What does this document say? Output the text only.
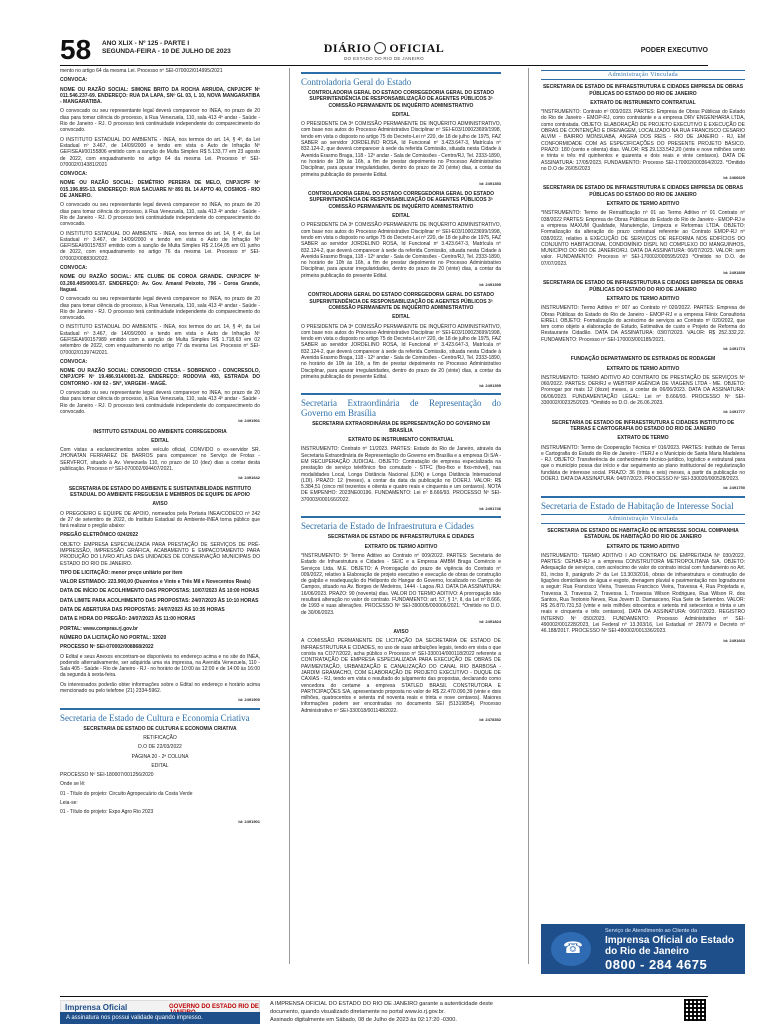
58 ANO XLIX - Nº 125 - PARTE I
SEGUNDA-FEIRA - 10 DE JULHO DE 2023	DIÁRIO OFICIAL
DO ESTADO DO RIO DE JANEIRO
PODER EXECUTIVO

mento no artigo 64 da mesma Lei. Processo nº SEI-070002/014995/2021

CONVOCA:

NOME OU RAZÃO SOCIAL: SIMONE BRITO DA ROCHA ARRUDA, CNPJ/CPF Nº 011.546.237-69. ENDEREÇO: RUA DA LAPA, SNº GL 03, L 10, NOVA MANGARATIBA - MANGARATIBA.

O convocado ou seu representante legal deverá comparecer no INEA, no prazo de 20 dias para tomar ciência do processo, à Rua Venezuela, 110, sala 413 4º andar - Saúde - Rio de Janeiro - RJ. O processo terá continuidade independente do comparecimento do convocado.

O INSTITUTO ESTADUAL DO AMBIENTE - INEA, nos termos do art. 14, § 4º, da Lei Estadual nº 3.467, de 14/09/2000 e tendo em vista o Auto de Infração Nº GEFISEAI/00155806 emitido com a sanção de Multa Simples R$ 5.133,77 em 23 agosto de 2022, com enquadramento no artigo 64 da mesma Lei. Processo nº SEI-070002/014381/2021

CONVOCA:

NOME OU RAZÃO SOCIAL: DEMÉTRIO PEREIRA DE MELO, CNPJ/CPF Nº 015.196.855-13. ENDEREÇO: RUA SACUARE Nº 891 BL 14 APTO 40, COSMOS - RIO DE JANEIRO.

O convocado ou seu representante legal deverá comparecer no INEA, no prazo de 20 dias para tomar ciência do processo, à Rua Venezuela, 110, sala 413 4º andar - Saúde - Rio de Janeiro - RJ. O processo terá continuidade independente do comparecimento do convocado.

O INSTITUTO ESTADUAL DO AMBIENTE - INEA, nos termos do art. 14, § 4º, da Lei Estadual nº 3.467, de 14/09/2000 e tendo em vista o Auto de Infração Nº GEFISEAI/00157837 emitido com a sanção de Multa Simples R$ 2.164,05 em 01 junho de 2022, com enquadramento no artigo 76 da mesma Lei. Processo nº SEI-070002/008830/2022.

CONVOCA:

NOME OU RAZÃO SOCIAL: ATE CLUBE DE COROA GRANDE. CNPJ/CPF Nº 03.260.405/0001-57. ENDEREÇO: Av. Gov. Amaral Peixoto, 796 - Coroa Grande, Itaguaí.

O convocado ou seu representante legal deverá comparecer no INEA, no prazo de 20 dias para tomar ciência do processo, à Rua Venezuela, 110, sala 413 4º andar - Saúde - Rio de Janeiro - RJ. O processo terá continuidade independente do comparecimento do convocado.

O INSTITUTO ESTADUAL DO AMBIENTE - INEA, nos termos do art. 14, § 4º, da Lei Estadual nº 3.467, de 14/09/2000 e tendo em vista o Auto de Infração Nº GEFISEAI/00157989 emitido com a sanção de Multa Simples R$ 1.718,63 em 02 setembro de 2022, com enquadramento no artigo 77 da mesma Lei. Processo nº SEI-070002/013974/2021.

CONVOCA:

NOME OU RAZÃO SOCIAL: CONSORCIO CTESA - SOBRENCO - CONCRESOLO, CNPJ/CPF Nº 19.486.914/0001-32. ENDEREÇO: RODOVIA 493, ESTRADA DO CONTORNO - KM 02 - SN°, VARGEM - MAGÉ.

O convocado ou seu representante legal deverá comparecer no INEA, no prazo de 20 dias para tomar ciência do processo, à Rua Venezuela, 110, sala 413 4º andar - Saúde - Rio de Janeiro - RJ. O processo terá continuidade independente do comparecimento do convocado.

Id: 2491901

INSTITUTO ESTADUAL DO AMBIENTE CORREGEDORIA

EDITAL

Com vistas a esclarecimentos sobre veículo oficial, CONVIDO o ex-servidor SR. JHONATAN FERRAREZ DE BARROS para comparecer no Serviço de Frotas - SERVFROT, situado à Av. Venezuela 110, no prazo de 10 (dez) dias a contar desta publicação. Processo nº SEI-070002/004407/2021.

Id: 2491642

SECRETARIA DE ESTADO DO AMBIENTE E SUSTENTABILIDADE INSTITUTO ESTADUAL DO AMBIENTE FREGUESIA E MEMBROS DE EQUIPE DE APOIO

AVISO

O PREGOEIRO E EQUIPE DE APOIO, nomeados pela Portaria INEA/CODECO nº 242 de 27 de setembro de 2022, do Instituto Estadual do Ambiente-INEA torna público que fará realizar o pregão abaixo:

PREGÃO ELETRÔNICO 024/2022

OBJETO: EMPRESA ESPECIALIZADA PARA PRESTAÇÃO DE SERVIÇOS DE PRÉ-IMPRESSÃO, IMPRESSÃO GRÁFICA, ACABAMENTO E EMPACOTAMENTO PARA PRODUÇÃO DO LIVRO ATLAS DAS UNIDADES DE CONSERVAÇÃO MUNICIPAIS DO ESTADO DO RIO DE JANEIRO.

TIPO DE LICITAÇÃO: menor preço unitário por item

VALOR ESTIMADO: 223.900,00 (Duzentos e Vinte e Três Mil e Novecentos Reais)

DATA DE INÍCIO DE ACOLHIMENTO DAS PROPOSTAS: 10/07/2023 ÀS 10:00 HORAS

DATA LIMITE PARA ACOLHIMENTO DAS PROPOSTAS: 24/07/2023 ÀS 10:10 HORAS

DATA DE ABERTURA DAS PROPOSTAS: 24/07/2023 ÀS 10:35 HORAS

DATA E HORA DO PREGÃO: 24/07/2023 ÀS 11:00 HORAS

PORTAL: www.compras.rj.gov.br

NÚMERO DA LICITAÇÃO NO PORTAL: 32020

PROCESSO Nº SEI-070002/008868/2022

O Edital e seus Anexos encontram-se disponíveis no endereço acima e no site do INEA, podendo alternativamente, ser adquirida uma via impressa, na Avenida Venezuela, 110 - Sala 405 - Saúde - Rio de Janeiro - RJ - no horário de 10:00 às 12:00 e de 14:00 às 16:00 da segunda à sexta-feira.

Os interessados poderão obter informações sobre o Edital no endereço e horário acima mencionado ou pelo telefone (21) 2334-5962.

Id: 2491900

Secretaria de Estado de Cultura e Economia Criativa

SECRETARIA DE ESTADO DE CULTURA E ECONOMIA CRIATIVA

RETIFICAÇÃO

D.O DE 22/03/2022

PÁGINA 20 - 2ª COLUNA

EDITAL

PROCESSO Nº SEI-180007/001256/2020

Onde se lê:

01 - Título do projeto: Circuito Agropecuário da Costa Verde

Leia-se:

01 - Título do projeto: Expo Agro Rio 2023

Id: 2491901

Controladoria Geral do Estado

CONTROLADORIA GERAL DO ESTADO CORREGEDORIA GERAL DO ESTADO SUPERINTENDÊNCIA DE RESPONSABILIZAÇÃO DE AGENTES PÚBLICOS 3ª COMISSÃO PERMANENTE DE INQUÉRITO ADMINISTRATIVO

EDITAL

O PRESIDENTE DA 3ª COMISSÃO PERMANENTE DE INQUÉRITO ADMINISTRATIVO, com base nos autos do Processo Administrativo Disciplinar nº SEI-E03/100023699/1998, tendo em vista o disposto no artigo 75 do Decreto-Lei nº 220, de 18 de julho de 1975, FAZ SABER ao servidor JORDELINO ROSA, Id Funcional nº 3.423.647-3, Matrícula nº 832.124-2, que deverá comparecer à sede da referida Comissão, situada nesta Cidade à Avenida Erasmo Braga, 118 - 12º andar - Sala de Comissões - Centro/RJ, Tel. 2333-1890, no horário de 10h às 16h, a fim de prestar depoimento no Processo Administrativo Disciplinar, para apurar irregularidades, dentro do prazo de 20 (vinte) dias, a contar da primeira publicação do presente Edital.

Id: 2491353

CONTROLADORIA GERAL DO ESTADO CORREGEDORIA GERAL DO ESTADO SUPERINTENDÊNCIA DE RESPONSABILIZAÇÃO DE AGENTES PÚBLICOS 3ª COMISSÃO PERMANENTE DE INQUÉRITO ADMINISTRATIVO

EDITAL

O PRESIDENTE DA 3ª COMISSÃO PERMANENTE DE INQUÉRITO ADMINISTRATIVO, com base nos autos do Processo Administrativo Disciplinar nº SEI-E03/100023699/1998, tendo em vista o disposto no artigo 75 do Decreto-Lei nº 220, de 18 de julho de 1975, FAZ SABER ao servidor JORDELINO ROSA, Id Funcional nº 3.423.647-3, Matrícula nº 832.124-2, que deverá comparecer à sede da referida Comissão, situada nesta Cidade à Avenida Erasmo Braga, 118 - 12º andar - Sala de Comissões - Centro/RJ, Tel. 2333-1890, no horário de 10h às 16h, a fim de prestar depoimento no Processo Administrativo Disciplinar, para apurar irregularidades, dentro do prazo de 20 (vinte) dias, a contar da primeira publicação do presente Edital.

Id: 2491395

CONTROLADORIA GERAL DO ESTADO CORREGEDORIA GERAL DO ESTADO SUPERINTENDÊNCIA DE RESPONSABILIZAÇÃO DE AGENTES PÚBLICOS 3ª COMISSÃO PERMANENTE DE INQUÉRITO ADMINISTRATIVO

EDITAL

O PRESIDENTE DA 3ª COMISSÃO PERMANENTE DE INQUÉRITO ADMINISTRATIVO, com base nos autos do Processo Administrativo Disciplinar nº SEI-E03/100023699/1998, tendo em vista o disposto no artigo 75 do Decreto-Lei nº 220, de 18 de julho de 1975, FAZ SABER ao servidor JORDELINO ROSA, Id Funcional nº 3.423.647-3, Matrícula nº 832.124-2, que deverá comparecer à sede da referida Comissão, situada nesta Cidade à Avenida Erasmo Braga, 118 - 12º andar - Sala de Comissões - Centro/RJ, Tel. 2333-1890, no horário de 10h às 16h, a fim de prestar depoimento no Processo Administrativo Disciplinar, para apurar irregularidades, dentro do prazo de 20 (vinte) dias, a contar da primeira publicação do presente Edital.

Id: 2491399

Secretaria Extraordinária de Representação do Governo em Brasília

SECRETARIA EXTRAORDINÁRIA DE REPRESENTAÇÃO DO GOVERNO EM BRASÍLIA

EXTRATO DE INSTRUMENTO CONTRATUAL

INSTRUMENTO: Contrato nº 11/2023. PARTES: Estado do Rio de Janeiro, através da Secretaria Extraordinária de Representação do Governo em Brasília e a empresa Oi S/A - EM RECUPERAÇÃO JUDICIAL. OBJETO: Contratação de empresa especializada na prestação de serviço telefônico fixo comutado - STFC (fixo-fixo e fixo-móvel), nas modalidades Local, Longa Distância Nacional (LDN) e Longa Distância Internacional (LDI). PRAZO: 12 (meses), a contar da data da publicação no DOERJ. VALOR: R$ 5.384,51 (cinco mil trezentos e oitenta e quatro reais e cinquenta e um centavos). NOTA DE EMPENHO: 2023NE00196. FUNDAMENTO: Lei nº 8.666/93. PROCESSO Nº SEI-370003/000166/2022.

Id: 2491746

Secretaria de Estado de Infraestrutura e Cidades

SECRETARIA DE ESTADO DE INFRAESTRUTURA E CIDADES

EXTRATO DE TERMO ADITIVO

*INSTRUMENTO: 5º Termo Aditivo ao Contrato nº 009/2022. PARTES: Secretaria de Estado de Infraestrutura e Cidades - SEIC e a Empresa AMBM Braga Comércio e Serviços Ltda. M.E. OBJETO: A Prorrogação do prazo de vigência do Contrato nº 009/2022, relativo à Elaboração de projeto executivo e execução de obras de construção de galpão e readequação do Heliponto do Hangar do Governo, localizado no Campo de Campos, situado na Av. Borges de Medeiros, 1444 - Lagoa /RJ. DATA DA ASSINATURA: 16/06/2023. PRAZO: 90 (noventa) dias. VALOR DO TERMO ADITIVO: A prorrogação não resultará alteração no valor do contrato. FUNDAMENTO: art. 57, § 1º, II, da Lei nº 8.666, de 1993 e suas alterações. PROCESSO Nº SEI-390005/000006/2021. *Omitido no D.O. de 30/06/2023.

Id: 2491824

AVISO

A COMISSÃO PERMANENTE DE LICITAÇÃO DA SECRETARIA DE ESTADO DE INFRAESTRUTURA E CIDADES, no uso de suas atribuições legais, tendo em vista o que consta na CO77/2022, acha público o Processo nº SEI-330014/000118/2022 referente a CONTRATAÇÃO DE EMPRESA ESPECIALIZADA PARA EXECUÇÃO DE OBRAS DE PAVIMENTAÇÃO, URBANIZAÇÃO E CANALIZAÇÃO DO CANAL RIO BARBOSA - JARDIM GRAMACHO, COM ELABORAÇÃO DE PROJETO EXECUTIVO - DUQUE DE CAXIAS - RJ, tendo em vista o resultado do julgamento das propostas, declarando como vencedora do certame a empresa STATLED BRASIL CONSTRUTORA E PARTICIPAÇÕES S/A, apresentando proposta no valor de R$ 22.470.090,39 (vinte e dois milhões, quatrocentos e setenta mil noventa reais e trinta e nove centavos). Maiores informações podem ser encontradas no documento SEI (51319854). Processo Administrativo nº SEI-330018/001148/2022.

Id: 2478352

Administração Vinculada

SECRETARIA DE ESTADO DE INFRAESTRUTURA E CIDADES EMPRESA DE OBRAS PÚBLICAS DO ESTADO DO RIO DE JANEIRO

EXTRATO DE INSTRUMENTO CONTRATUAL

*INSTRUMENTO: Contrato nº 003/2023. PARTES: Empresa de Obras Públicas do Estado do Rio de Janeiro - EMOP-RJ, como contratante e a empresa DRV ENGENHARIA LTDA, como contratada. OBJETO: ELABORAÇÃO DE PROJETO EXECUTIVO E EXECUÇÃO DE OBRAS DE CONTENÇÃO E DRENAGEM, LOCALIZADO NA RUA FRANCISCO CESARIO ALVIM - BAIRRO MONSUABA, ANGRA DOS REIS - RIO DE JANEIRO - RJ, EM CONFORMIDADE COM AS ESPECIFICAÇÕES DO PRESENTE PROJETO BÁSICO. PRAZO: 180 (cento e oitenta) dias. VALOR: R$ 29.133.542,20 (vinte e nove milhões cento e trinta e três mil quinhentos e quarenta e dois reais e vinte centavos). DATA DE ASSINATURA: 17/05/2023. FUNDAMENTO: Processo SEI-170002/000364/2023. *Omitido no D.O de 26/05/2023

Id: 2466625

SECRETARIA DE ESTADO DE INFRAESTRUTURA E CIDADES EMPRESA DE OBRAS PÚBLICAS DO ESTADO DO RIO DE JANEIRO

EXTRATO DE TERMO ADITIVO

*INSTRUMENTO: Termo de Rerratificação nº 01 ao Termo Aditivo nº 01 Contrato nº 038/2022 PARTES: Empresa de Obras Públicas do Estado do Rio de Janeiro - EMOP-RJ e a empresa MAXUM Qualidade, Manutenção, Limpeza e Reformas LTDA. OBJETO: Formalização da alteração do prazo contratual referente ao Contrato EMOP-RJ nº 038/2022, relativo à EXECUÇÃO DE SERVIÇOS DE REFORMA NOS EDIFÍCIOS DO CONJUNTO HABITACIONAL CONDOMÍNIO DISPL NO COMPLEXO DO MANGUINHOS, MUNICÍPIO DO RIO DE JANEIRO/RJ. DATA DA ASSINATURA: 06/07/2023. VALOR: sem valor. FUNDAMENTO: Processo nº SEI-170002/000595/2023 *Omitido no D.O. de 07/07/2023.

Id: 2491839

SECRETARIA DE ESTADO DE INFRAESTRUTURA E CIDADES EMPRESA DE OBRAS PÚBLICAS DO ESTADO DO RIO DE JANEIRO

EXTRATO DE TERMO ADITIVO

INSTRUMENTO: Termo Aditivo nº 007 ao Contrato nº 020/2022. PARTES: Empresa de Obras Públicas do Estado do Rio de Janeiro - EMOP-RJ e a empresa Fênix Consultoria EIRELI. OBJETO: Formalização do acréscimo de serviços ao Contrato nº 020/2022, que tem como objeto a elaboração de Estudo, Estimativa de custo e Projeto de Reforma do Restaurante Cidadão. DATA DA ASSINATURA: 03/07/2023. VALOR: R$ 252.332,22. FUNDAMENTO: Processo nº SEI-170003/001185/2021.

Id: 2491774

FUNDAÇÃO DEPARTAMENTO DE ESTRADAS DE RODAGEM

EXTRATO DE TERMO ADITIVO

INSTRUMENTO: TERMO ADITIVO AO CONTRATO DE PRESTAÇÃO DE SERVIÇOS Nº 060/2022. PARTES: DER/RJ e WEBTRIP AGÊNCIA DE VIAGENS LTDA - ME. OBJETO: Prorrogar por mais 12 (doze) meses, a contar de 06/06/2023. DATA DA ASSINATURA: 06/06/2023. FUNDAMENTAÇÃO LEGAL: Lei nº 8.666/93. PROCESSO Nº SEI-330002/002325/2023. *Omitido no D.O. de 26.06.2023.

Id: 2491777

SECRETARIA DE ESTADO DE INFRAESTRUTURA E CIDADES INSTITUTO DE TERRAS E CARTOGRAFIA DO ESTADO DO RIO DE JANEIRO

EXTRATO DE TERMO

INSTRUMENTO: Termo de Cooperação Técnica nº 016/2023. PARTES: Instituto de Terras e Cartografia do Estado do Rio de Janeiro - ITERJ e o Município de Santa Maria Madalena - RJ. OBJETO: Transferência de conhecimento técnico-jurídico, logístico e estrutural para que o município possa dar início e dar seguimento ao plano institucional de regularização fundiária de interesse social. PRAZO: 36 (trinta e seis) meses, a partir da publicação no DOERJ. DATA DA ASSINATURA: 04/07/2023. PROCESSO Nº SEI-330020/000528/2023.

Id: 2491750

Secretaria de Estado de Habitação de Interesse Social
Administração Vinculada

SECRETARIA DE ESTADO DE HABITAÇÃO DE INTERESSE SOCIAL COMPANHIA ESTADUAL DE HABITAÇÃO DO RIO DE JANEIRO

EXTRATO DE TERMO ADITIVO

INSTRUMENTO: TERMO ADITIVO I AO CONTRATO DE EMPREITADA Nº 030/2022. PARTES: CEHAB-RJ e a empresa CONSTRUTORA METROPOLITANA S/A. OBJETO: Adequação de serviços, com acréscimo de valor do contrato inicial com fundamento no Art. 81, inciso II, parágrafo 2º da Lei 13.303/2016, obras de infraestrutura e construção de ligações domiciliares de água e esgoto, drenagem pluvial e pavimentação nos logradouros a seguir: Rua Francisco Vieira, Travessa Francisco Vieira, Travessa 4, Rua Projetada e, Travessa 3, Travessa 2, Travessa 1, Travessa Wilson Rodrigues, Rua Wilson R. dos Santos, Rua Teotonio Neves, Rua Jovem D. Damasceno, Rua Sete de Setembro. VALOR: R$ 26.870.731,53 (vinte e seis milhões oitocentos e setenta mil setecentos e trinta e um reais e cinquenta e três centavos). DATA DA ASSINATURA: 06/07/2023. REGISTRO INTERNO Nº 050/2023. FUNDAMENTO: Processo Administrativo nº SEI-490002/001228/2023, Lei Federal nº 13.303/16, Lei Estadual nº 287/79 e Decreto nº 46.188/2017. PROCESSO Nº SEI-490002/001336/2023.

Id: 2491663

☎
Serviço de Atendimento ao Cliente da
Imprensa Oficial do Estado do Rio de Janeiro
0800 - 284 4675
Imprensa Oficial	GOVERNO DO ESTADO RIO DE
A assinatura nos possui validade quando impresso.
A IMPRENSA OFICIAL DO ESTADO DO RIO DE JANEIRO garante a autenticidade deste
documento, quando visualizado diretamente no portal www.io.rj.gov.br.
Assinado digitalmente em Sábado, 08 de Julho de 2023 às 02:17:20 -0300.
